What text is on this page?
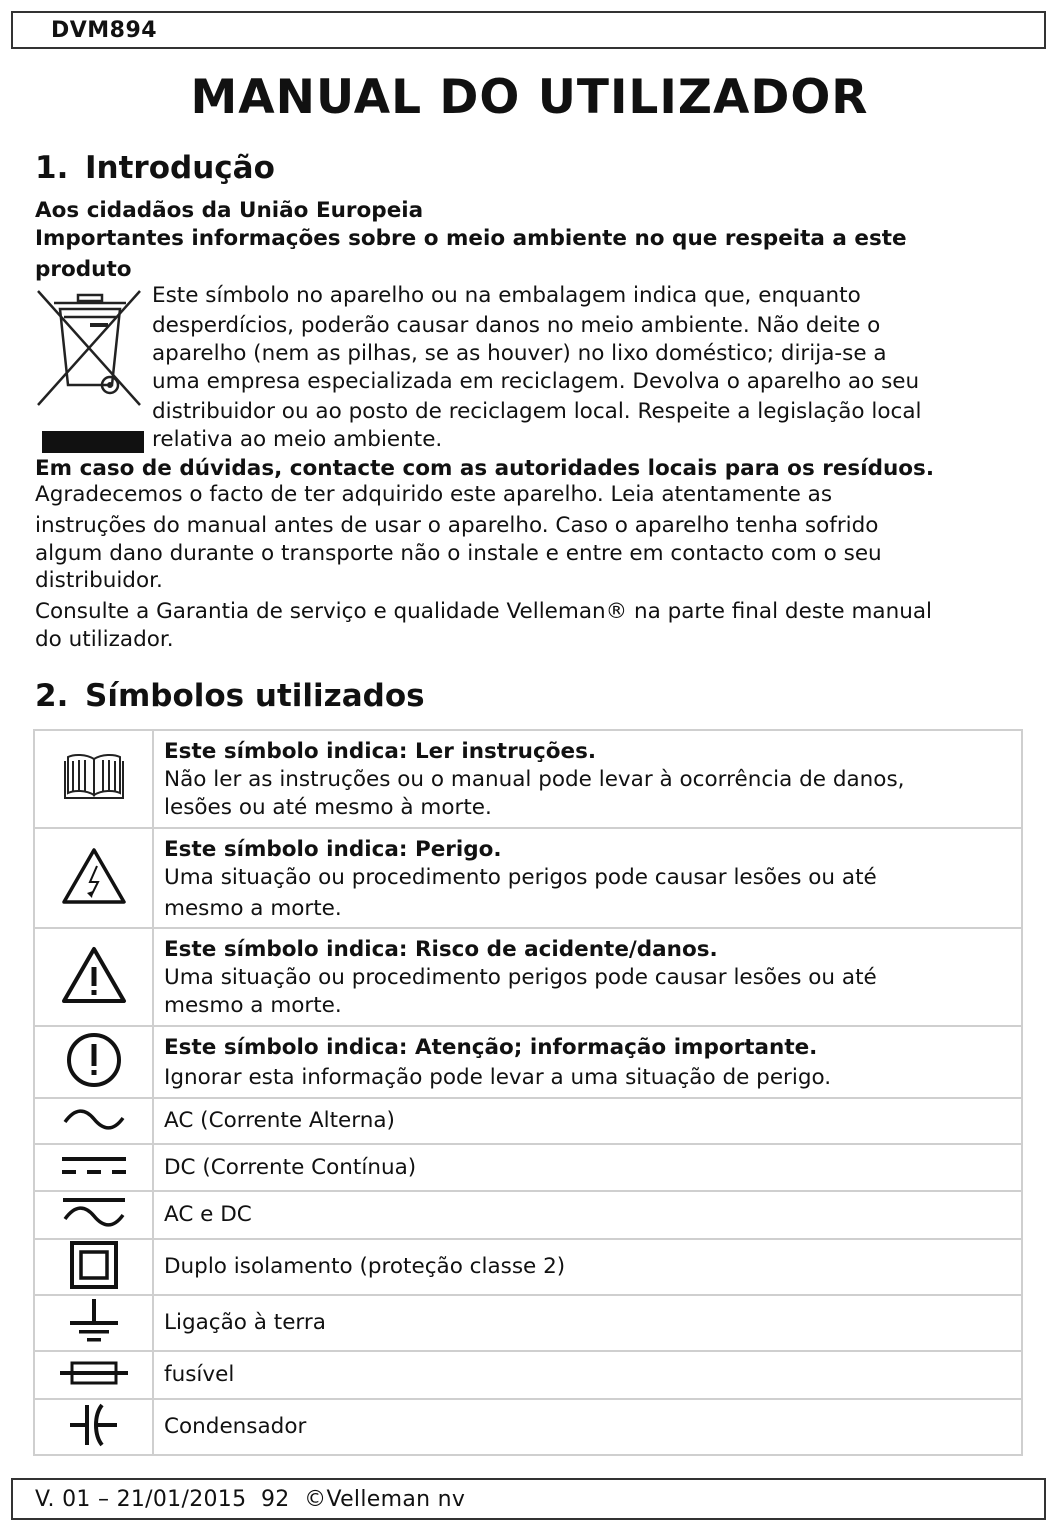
DVM894
MANUAL DO UTILIZADOR
1. Introdução

Aos cidadãos da União Europeia

Importantes informações sobre o meio ambiente no que respeita a este

produto

Este símbolo no aparelho ou na embalagem indica que, enquanto

desperdícios, poderão causar danos no meio ambiente. Não deite o

aparelho (nem as pilhas, se as houver) no lixo doméstico; dirija-se a

uma empresa especializada em reciclagem. Devolva o aparelho ao seu

distribuidor ou ao posto de reciclagem local. Respeite a legislação local

relativa ao meio ambiente.

Em caso de dúvidas, contacte com as autoridades locais para os resíduos.

Agradecemos o facto de ter adquirido este aparelho. Leia atentamente as

instruções do manual antes de usar o aparelho. Caso o aparelho tenha sofrido

algum dano durante o transporte não o instale e entre em contacto com o seu

distribuidor.

Consulte a Garantia de serviço e qualidade Velleman® na parte final deste manual

do utilizador.

2. Símbolos utilizados

Este símbolo indica: Ler instruções.
Não ler as instruções ou o manual pode levar à ocorrência de danos,
lesões ou até mesmo à morte.

Este símbolo indica: Perigo.
Uma situação ou procedimento perigos pode causar lesões ou até
mesmo a morte.

Este símbolo indica: Risco de acidente/danos.
Uma situação ou procedimento perigos pode causar lesões ou até
mesmo a morte.

Este símbolo indica: Atenção; informação importante.
Ignorar esta informação pode levar a uma situação de perigo.

AC (Corrente Alterna)

DC (Corrente Contínua)

AC e DC

Duplo isolamento (proteção classe 2)

Ligação à terra

fusível

Condensador
V. 01 – 21/01/2015  92  ©Velleman nv
